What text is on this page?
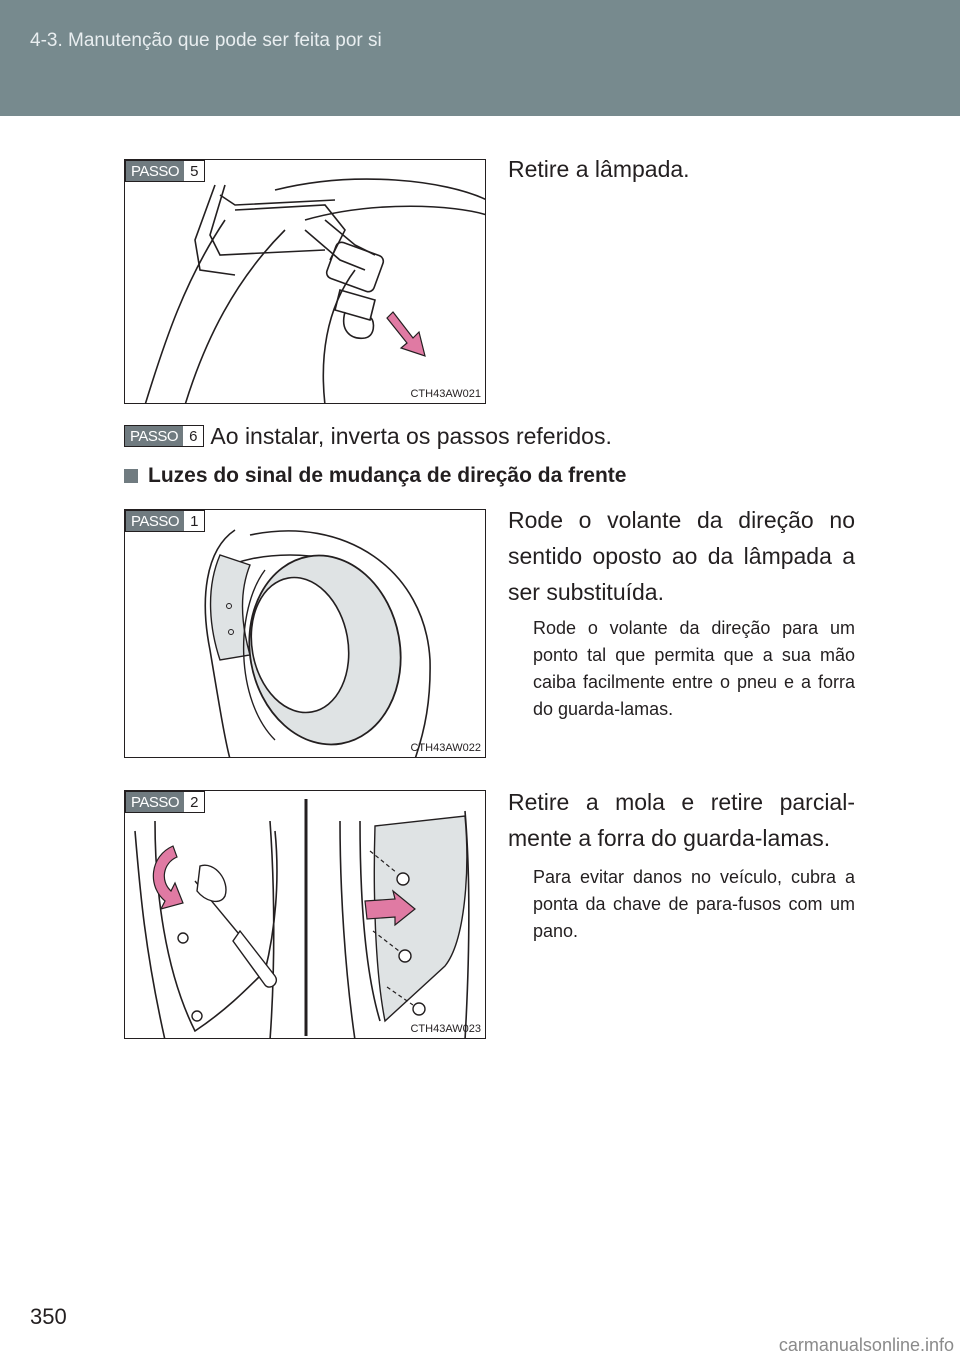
4-3. Manutenção que pode ser feita por si
PASSO 5
CTH43AW021
Retire a lâmpada.
PASSO 6 Ao instalar, inverta os passos referidos.
Luzes do sinal de mudança de direção da frente
PASSO 1
CTH43AW022
Rode o volante da direção no sentido oposto ao da lâmpada a ser substituída.
Rode o volante da direção para um ponto tal que permita que a sua mão caiba facilmente entre o pneu e a forra do guarda-lamas.
PASSO 2
CTH43AW023
Retire a mola e retire parcial-mente a forra do guarda-lamas.
Para evitar danos no veículo, cubra a ponta da chave de para-fusos com um pano.
350
carmanualsonline.info
